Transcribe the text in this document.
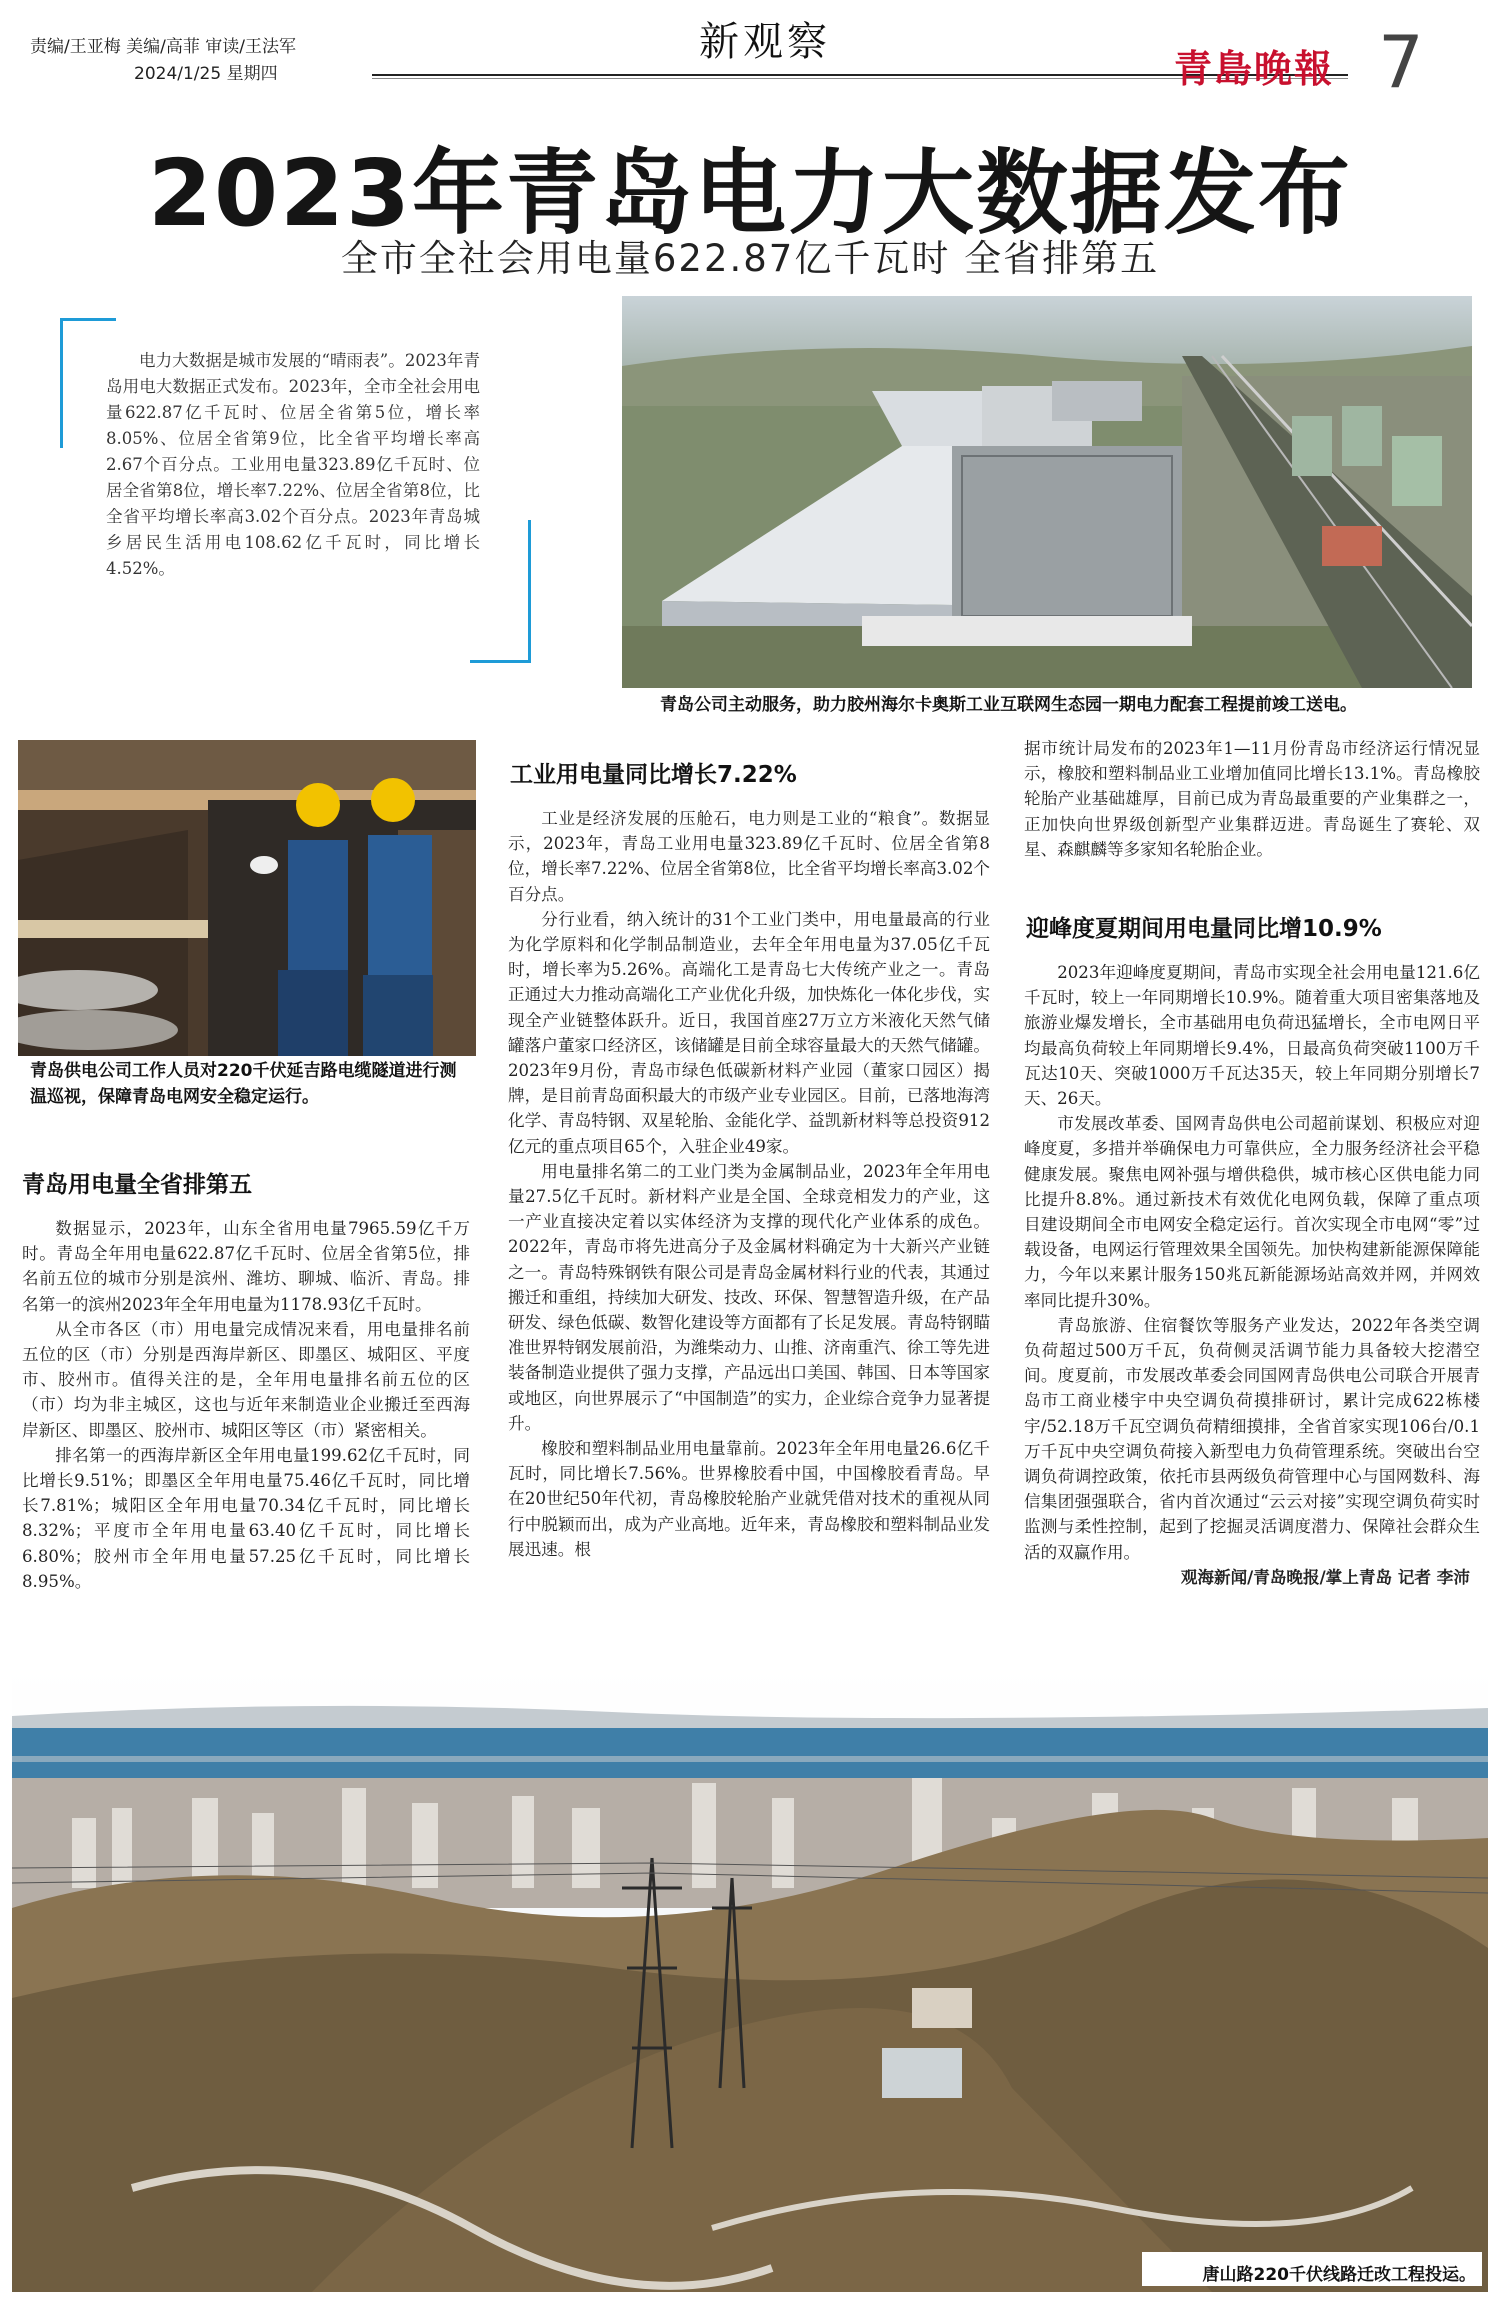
责编/王亚梅 美编/高菲 审读/王法军
2024/1/25 星期四
新观察
青島晚報 7
2023年青岛电力大数据发布
全市全社会用电量622.87亿千瓦时 全省排第五
电力大数据是城市发展的“晴雨表”。2023年青岛用电大数据正式发布。2023年，全市全社会用电量622.87亿千瓦时、位居全省第5位，增长率8.05%、位居全省第9位，比全省平均增长率高2.67个百分点。工业用电量323.89亿千瓦时、位居全省第8位，增长率7.22%、位居全省第8位，比全省平均增长率高3.02个百分点。2023年青岛城乡居民生活用电108.62亿千瓦时，同比增长4.52%。
青岛公司主动服务，助力胶州海尔卡奥斯工业互联网生态园一期电力配套工程提前竣工送电。
青岛供电公司工作人员对220千伏延吉路电缆隧道进行测温巡视，保障青岛电网安全稳定运行。
青岛用电量全省排第五

数据显示，2023年，山东全省用电量7965.59亿千万时。青岛全年用电量622.87亿千瓦时、位居全省第5位，排名前五位的城市分别是滨州、潍坊、聊城、临沂、青岛。排名第一的滨州2023年全年用电量为1178.93亿千瓦时。

从全市各区（市）用电量完成情况来看，用电量排名前五位的区（市）分别是西海岸新区、即墨区、城阳区、平度市、胶州市。值得关注的是，全年用电量排名前五位的区（市）均为非主城区，这也与近年来制造业企业搬迁至西海岸新区、即墨区、胶州市、城阳区等区（市）紧密相关。

排名第一的西海岸新区全年用电量199.62亿千瓦时，同比增长9.51%；即墨区全年用电量75.46亿千瓦时，同比增长7.81%；城阳区全年用电量70.34亿千瓦时，同比增长8.32%；平度市全年用电量63.40亿千瓦时，同比增长6.80%；胶州市全年用电量57.25亿千瓦时，同比增长8.95%。

工业用电量同比增长7.22%

工业是经济发展的压舱石，电力则是工业的“粮食”。数据显示，2023年，青岛工业用电量323.89亿千瓦时、位居全省第8位，增长率7.22%、位居全省第8位，比全省平均增长率高3.02个百分点。

分行业看，纳入统计的31个工业门类中，用电量最高的行业为化学原料和化学制品制造业，去年全年用电量为37.05亿千瓦时，增长率为5.26%。高端化工是青岛七大传统产业之一。青岛正通过大力推动高端化工产业优化升级，加快炼化一体化步伐，实现全产业链整体跃升。近日，我国首座27万立方米液化天然气储罐落户董家口经济区，该储罐是目前全球容量最大的天然气储罐。2023年9月份，青岛市绿色低碳新材料产业园（董家口园区）揭牌，是目前青岛面积最大的市级产业专业园区。目前，已落地海湾化学、青岛特钢、双星轮胎、金能化学、益凯新材料等总投资912亿元的重点项目65个，入驻企业49家。

用电量排名第二的工业门类为金属制品业，2023年全年用电量27.5亿千瓦时。新材料产业是全国、全球竞相发力的产业，这一产业直接决定着以实体经济为支撑的现代化产业体系的成色。2022年，青岛市将先进高分子及金属材料确定为十大新兴产业链之一。青岛特殊钢铁有限公司是青岛金属材料行业的代表，其通过搬迁和重组，持续加大研发、技改、环保、智慧智造升级，在产品研发、绿色低碳、数智化建设等方面都有了长足发展。青岛特钢瞄准世界特钢发展前沿，为潍柴动力、山推、济南重汽、徐工等先进装备制造业提供了强力支撑，产品远出口美国、韩国、日本等国家或地区，向世界展示了“中国制造”的实力，企业综合竞争力显著提升。

橡胶和塑料制品业用电量靠前。2023年全年用电量26.6亿千瓦时，同比增长7.56%。世界橡胶看中国，中国橡胶看青岛。早在20世纪50年代初，青岛橡胶轮胎产业就凭借对技术的重视从同行中脱颖而出，成为产业高地。近年来，青岛橡胶和塑料制品业发展迅速。根

据市统计局发布的2023年1—11月份青岛市经济运行情况显示，橡胶和塑料制品业工业增加值同比增长13.1%。青岛橡胶轮胎产业基础雄厚，目前已成为青岛最重要的产业集群之一，正加快向世界级创新型产业集群迈进。青岛诞生了赛轮、双星、森麒麟等多家知名轮胎企业。

迎峰度夏期间用电量同比增10.9%

2023年迎峰度夏期间，青岛市实现全社会用电量121.6亿千瓦时，较上一年同期增长10.9%。随着重大项目密集落地及旅游业爆发增长，全市基础用电负荷迅猛增长，全市电网日平均最高负荷较上年同期增长9.4%，日最高负荷突破1100万千瓦达10天、突破1000万千瓦达35天，较上年同期分别增长7天、26天。

市发展改革委、国网青岛供电公司超前谋划、积极应对迎峰度夏，多措并举确保电力可靠供应，全力服务经济社会平稳健康发展。聚焦电网补强与增供稳供，城市核心区供电能力同比提升8.8%。通过新技术有效优化电网负载，保障了重点项目建设期间全市电网安全稳定运行。首次实现全市电网“零”过载设备，电网运行管理效果全国领先。加快构建新能源保障能力，今年以来累计服务150兆瓦新能源场站高效并网，并网效率同比提升30%。

青岛旅游、住宿餐饮等服务产业发达，2022年各类空调负荷超过500万千瓦，负荷侧灵活调节能力具备较大挖潜空间。度夏前，市发展改革委会同国网青岛供电公司联合开展青岛市工商业楼宇中央空调负荷摸排研讨，累计完成622栋楼宇/52.18万千瓦空调负荷精细摸排，全省首家实现106台/0.1万千瓦中央空调负荷接入新型电力负荷管理系统。突破出台空调负荷调控政策，依托市县两级负荷管理中心与国网数科、海信集团强强联合，省内首次通过“云云对接”实现空调负荷实时监测与柔性控制，起到了挖掘灵活调度潜力、保障社会群众生活的双赢作用。

观海新闻/青岛晚报/掌上青岛 记者 李沛

唐山路220千伏线路迁改工程投运。
